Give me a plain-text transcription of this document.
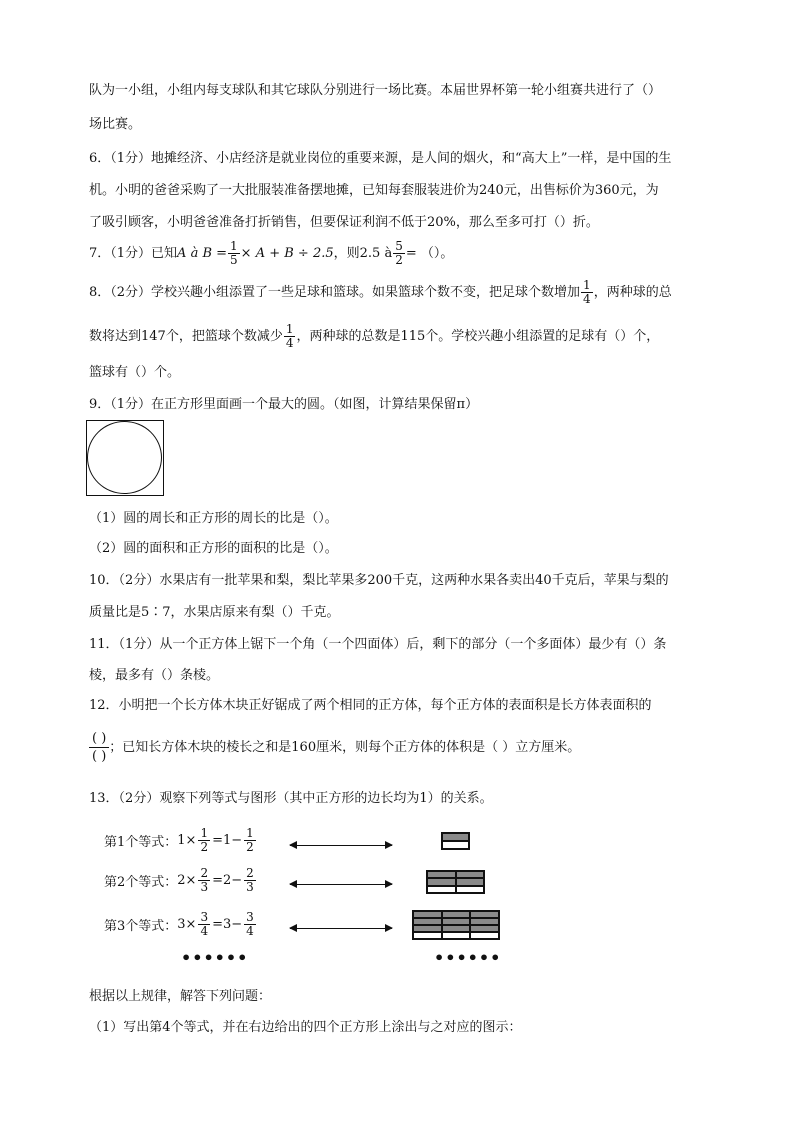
队为一小组，小组内每支球队和其它球队分别进行一场比赛。本届世界杯第一轮小组赛共进行了（）
场比赛。
6．（1分）地摊经济、小店经济是就业岗位的重要来源，是人间的烟火，和“高大上”一样，是中国的生
机。小明的爸爸采购了一大批服装准备摆地摊，已知每套服装进价为240元，出售标价为360元，为
了吸引顾客，小明爸爸准备打折销售，但要保证利润不低于20%，那么至多可打（）折。
7．（1分）已知A à $B = \frac{1}{5} \times A + B \div 2.5$，则2.5 à $\frac{5}{2}$ = （）。
8．（2分）学校兴趣小组添置了一些足球和篮球。如果篮球个数不变，把足球个数增加 $\frac{1}{4}$ ，两种球的总
数将达到147个，把篮球个数减少 $\frac{1}{4}$ ，两种球的总数是115个。学校兴趣小组添置的足球有（）个，
篮球有（）个。
9．（1分）在正方形里面画一个最大的圆。（如图，计算结果保留π）
（1）圆的周长和正方形的周长的比是（）。
（2）圆的面积和正方形的面积的比是（）。
10．（2分）水果店有一批苹果和梨，梨比苹果多200千克，这两种水果各卖出40千克后，苹果与梨的
质量比是5∶7，水果店原来有梨（）千克。
11．（1分）从一个正方体上锯下一个角（一个四面体）后，剩下的部分（一个多面体）最少有（）条
棱，最多有（）条棱。
12．小明把一个长方体木块正好锯成了两个相同的正方体，每个正方体的表面积是长方体表面积的
$\frac{( )}{( )}$ ；已知长方体木块的棱长之和是160厘米，则每个正方体的体积是（ ）立方厘米。
13．（2分）观察下列等式与图形（其中正方形的边长均为1）的关系。
第1个等式： $1\times \frac{1}{2} =1- \frac{1}{2}$
第2个等式： $2\times \frac{2}{3} =2- \frac{2}{3}$
第3个等式： $3\times \frac{3}{4} =3- \frac{3}{4}$
••••••	••••••
根据以上规律，解答下列问题：
（1）写出第4个等式，并在右边给出的四个正方形上涂出与之对应的图示：
